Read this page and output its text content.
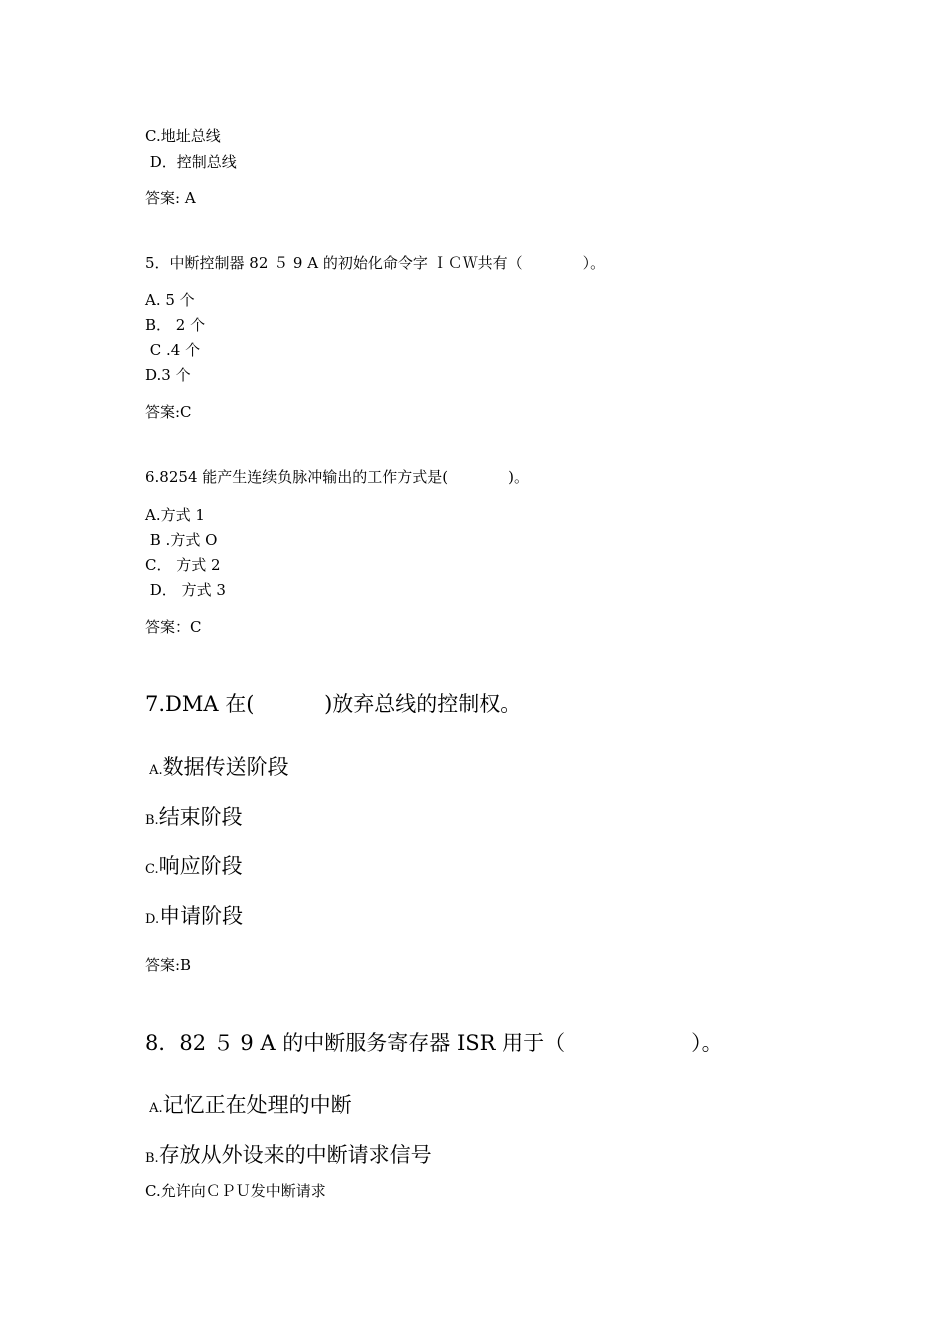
C.地址总线
D．控制总线
答案: A
5．中断控制器 82 ５ 9 A 的初始化命令字 ＩＣＷ共有（　　　　）。
A. 5 个
B． 2 个
C .4 个
D.3 个
答案:C
6.8254 能产生连续负脉冲输出的工作方式是(　　　　)。
A.方式 1
B .方式 O
C． 方式 2
D． 方式 3
答案：C
7.DMA 在(　　　 )放弃总线的控制权。
A.数据传送阶段
B.结束阶段
C.响应阶段
D.申请阶段
答案:B
8．82 ５ 9 A 的中断服务寄存器 ISR 用于（　　　　　　）。
A.记忆正在处理的中断
B.存放从外设来的中断请求信号
C.允许向ＣＰＵ发中断请求
